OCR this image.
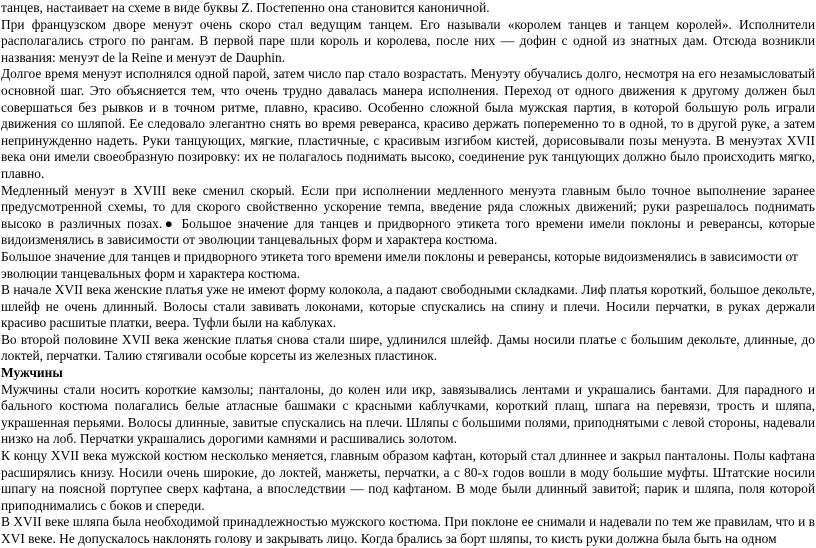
танцев, настаивает на схеме в виде буквы Z. Постепенно она становится каноничной.

При французском дворе менуэт очень скоро стал ведущим танцем. Его называли «королем танцев и танцем королей». Исполнители располагались строго по рангам. В первой паре шли король и королева, после них — дофин с одной из знатных дам. Отсюда возникли названия: менуэт de la Reine и менуэт de Dauphin.

Долгое время менуэт исполнялся одной парой, затем число пар стало возрастать. Менуэту обучались долго, несмотря на его незамысловатый основной шаг. Это объясняется тем, что очень трудно давалась манера исполнения. Переход от одного движения к другому должен был совершаться без рывков и в точном ритме, плавно, красиво. Особенно сложной была мужская партия, в которой большую роль играли движения со шляпой. Ее следовало элегантно снять во время реверанса, красиво держать попеременно то в одной, то в другой руке, а затем непринужденно надеть. Руки танцующих, мягкие, пластичные, с красивым изгибом кистей, дорисовывали позы менуэта. В менуэтах XVII века они имели своеобразную позировку: их не полагалось поднимать высоко, соединение рук танцующих должно было происходить мягко, плавно.

Медленный менуэт в XVIII веке сменил скорый. Если при исполнении медленного менуэта главным было точное выполнение заранее предусмотренной схемы, то для скорого свойственно ускорение темпа, введение ряда сложных движений; руки разрешалось поднимать высоко в различных позах.● Большое значение для танцев и придворного этикета того времени имели поклоны и реверансы, которые видоизменялись в зависимости от эволюции танцевальных форм и характера костюма.

Большое значение для танцев и придворного этикета того времени имели поклоны и реверансы, которые видоизменялись в зависимости от эволюции танцевальных форм и характера костюма.

В начале XVII века женские платья уже не имеют форму колокола, а падают свободными складками. Лиф платья короткий, большое декольте, шлейф не очень длинный. Волосы стали завивать локонами, которые спускались на спину и плечи. Носили перчатки, в руках держали красиво расшитые платки, веера. Туфли были на каблуках.

Во второй половине XVII века женские платья снова стали шире, удлинился шлейф. Дамы носили платье с большим декольте, длинные, до локтей, перчатки. Талию стягивали особые корсеты из железных пластинок.

Мужчины

Мужчины стали носить короткие камзолы; панталоны, до колен или икр, завязывались лентами и украшались бантами. Для парадного и бального костюма полагались белые атласные башмаки с красными каблучками, короткий плащ, шпага на перевязи, трость и шляпа, украшенная перьями. Волосы длинные, завитые спускались на плечи. Шляпы с большими полями, приподнятыми с левой стороны, надевали низко на лоб. Перчатки украшались дорогими камнями и расшивались золотом.

К концу XVII века мужской костюм несколько меняется, главным образом кафтан, который стал длиннее и закрыл панталоны. Полы кафтана расширялись книзу. Носили очень широкие, до локтей, манжеты, перчатки, а с 80-х годов вошли в моду большие муфты. Штатские носили шпагу на поясной портупее сверх кафтана, а впоследствии — под кафтаном. В моде были длинный завитой; парик и шляпа, поля которой приподнимались с боков и спереди.

В XVII веке шляпа была необходимой принадлежностью мужского костюма. При поклоне ее снимали и надевали по тем же правилам, что и в XVI веке. Не допускалось наклонять голову и закрывать лицо. Когда брались за борт шляпы, то кисть руки должна была быть на одном
